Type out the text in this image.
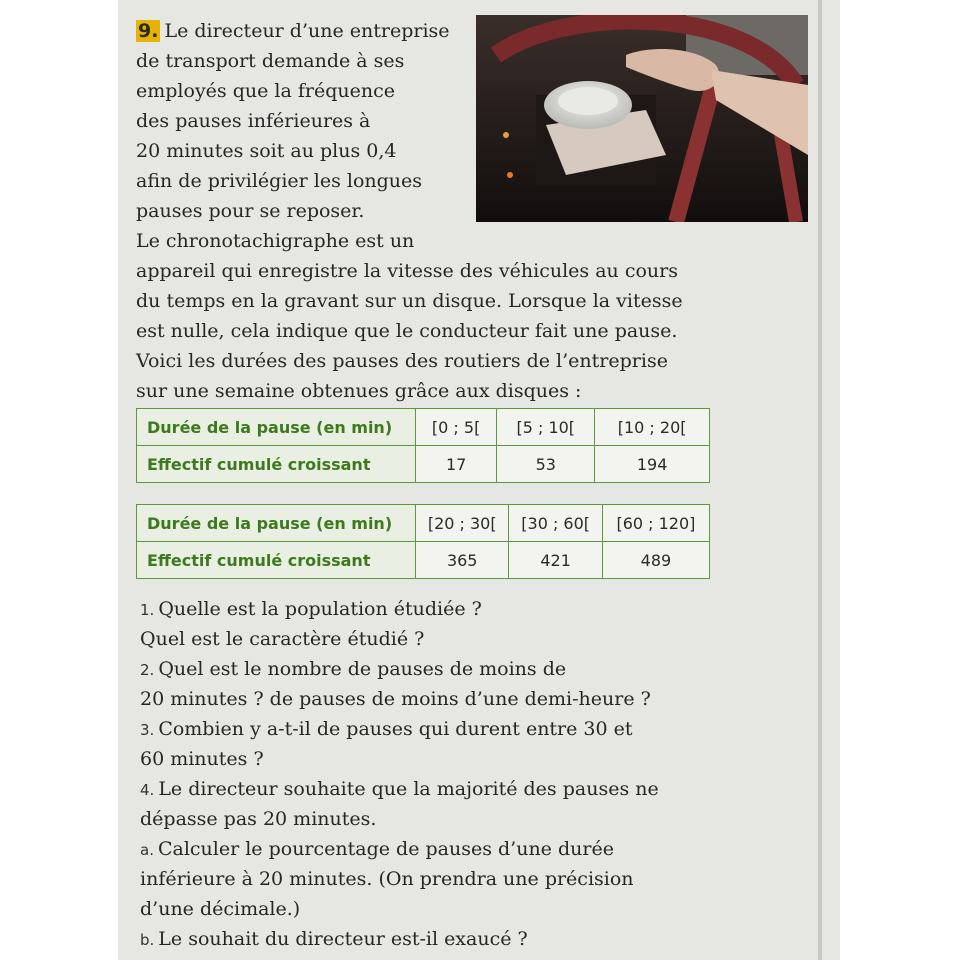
9. Le directeur d’une entreprise
de transport demande à ses
employés que la fréquence
des pauses inférieures à
20 minutes soit au plus 0,4
afin de privilégier les longues
pauses pour se reposer.
Le chronotachigraphe est un
appareil qui enregistre la vitesse des véhicules au cours
du temps en la gravant sur un disque. Lorsque la vitesse
est nulle, cela indique que le conducteur fait une pause.
Voici les durées des pauses des routiers de l’entreprise
sur une semaine obtenues grâce aux disques :
Durée de la pause (en min)	[0 ; 5[	[5 ; 10[	[10 ; 20[
Effectif cumulé croissant	17	53	194
Durée de la pause (en min)	[20 ; 30[	[30 ; 60[	[60 ; 120]
Effectif cumulé croissant	365	421	489
1. Quelle est la population étudiée ?
Quel est le caractère étudié ?
2. Quel est le nombre de pauses de moins de
20 minutes ? de pauses de moins d’une demi-heure ?
3. Combien y a-t-il de pauses qui durent entre 30 et
60 minutes ?
4. Le directeur souhaite que la majorité des pauses ne
dépasse pas 20 minutes.
a. Calculer le pourcentage de pauses d’une durée
inférieure à 20 minutes. (On prendra une précision
d’une décimale.)
b. Le souhait du directeur est-il exaucé ?
